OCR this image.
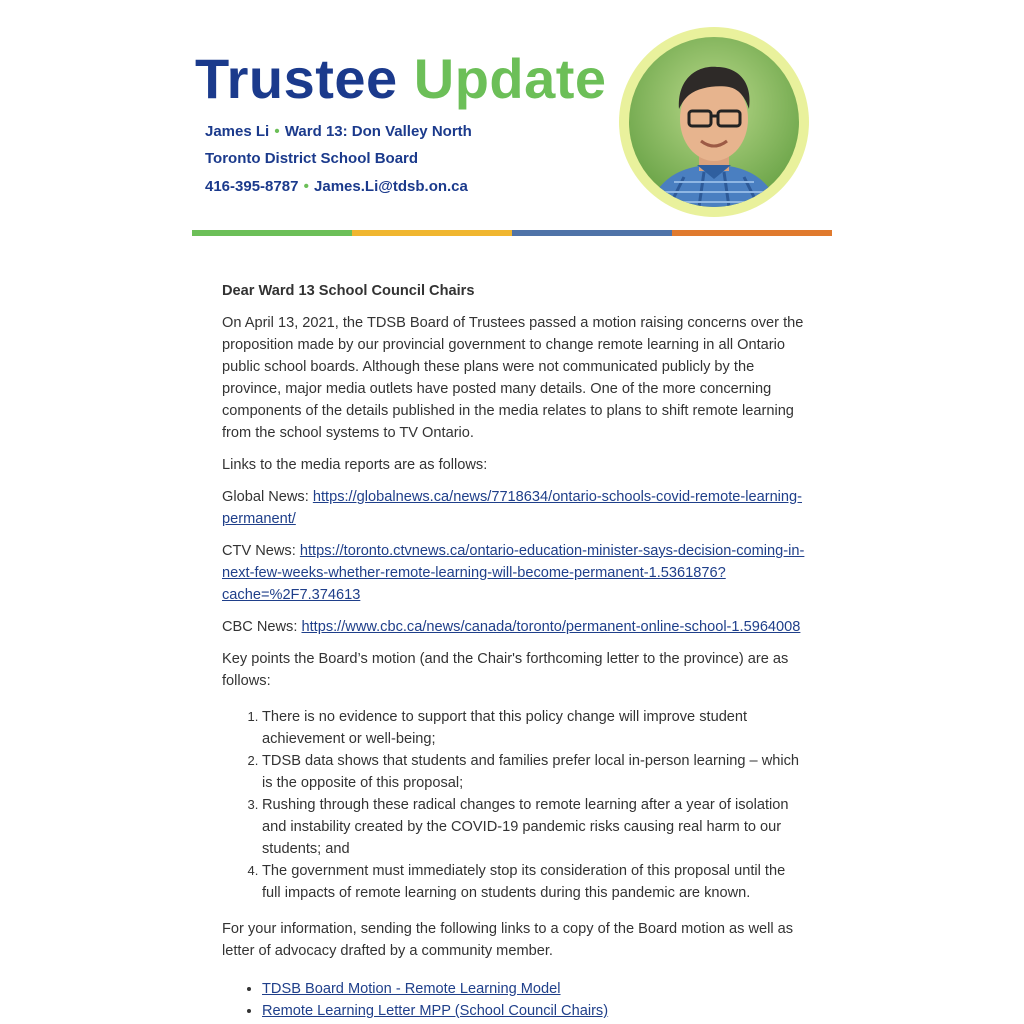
Trustee Update
James Li • Ward 13: Don Valley North
Toronto District School Board
416-395-8787 • James.Li@tdsb.on.ca

Dear Ward 13 School Council Chairs

On April 13, 2021, the TDSB Board of Trustees passed a motion raising concerns over the proposition made by our provincial government to change remote learning in all Ontario public school boards. Although these plans were not communicated publicly by the province, major media outlets have posted many details. One of the more concerning components of the details published in the media relates to plans to shift remote learning from the school systems to TV Ontario.

Links to the media reports are as follows:

Global News: https://globalnews.ca/news/7718634/ontario-schools-covid-remote-learning-permanent/

CTV News: https://toronto.ctvnews.ca/ontario-education-minister-says-decision-coming-in-next-few-weeks-whether-remote-learning-will-become-permanent-1.5361876?cache=%2F7.374613

CBC News: https://www.cbc.ca/news/canada/toronto/permanent-online-school-1.5964008

Key points the Board’s motion (and the Chair's forthcoming letter to the province) are as follows:

1. There is no evidence to support that this policy change will improve student achievement or well-being;
2. TDSB data shows that students and families prefer local in-person learning – which is the opposite of this proposal;
3. Rushing through these radical changes to remote learning after a year of isolation and instability created by the COVID-19 pandemic risks causing real harm to our students; and
4. The government must immediately stop its consideration of this proposal until the full impacts of remote learning on students during this pandemic are known.

For your information, sending the following links to a copy of the Board motion as well as letter of advocacy drafted by a community member.

• TDSB Board Motion - Remote Learning Model
• Remote Learning Letter MPP (School Council Chairs)
